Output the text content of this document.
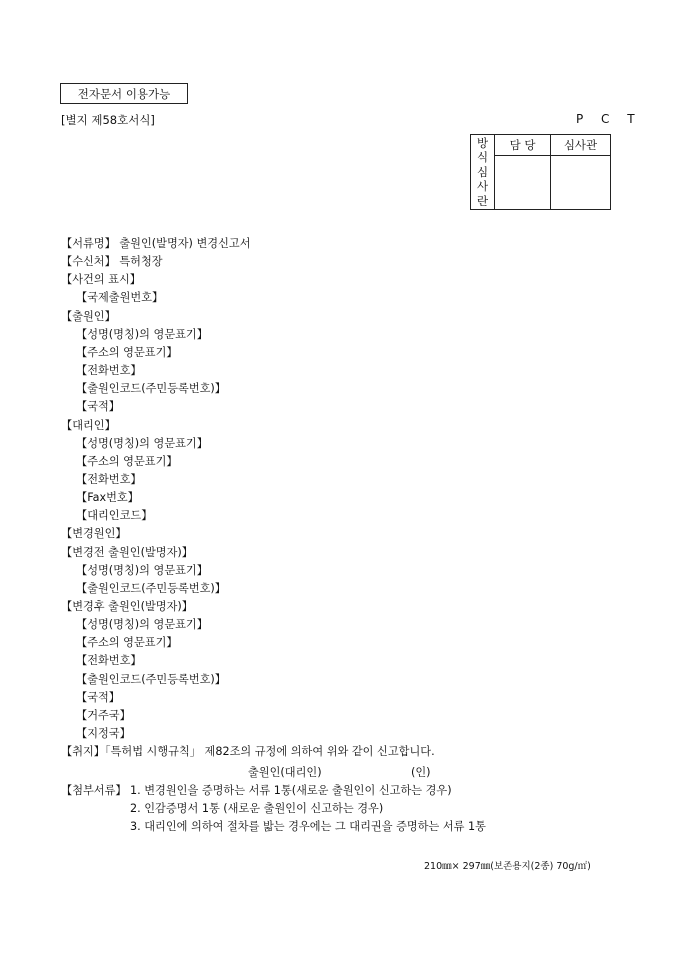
전자문서 이용가능
[별지 제58호서식]	P C T
방
식
심
사
란	담 당	심사관

【서류명】 출원인(발명자) 변경신고서
【수신처】 특허청장
【사건의 표시】
【국제출원번호】
【출원인】
【성명(명칭)의 영문표기】
【주소의 영문표기】
【전화번호】
【출원인코드(주민등록번호)】
【국적】
【대리인】
【성명(명칭)의 영문표기】
【주소의 영문표기】
【전화번호】
【Fax번호】
【대리인코드】
【변경원인】
【변경전 출원인(발명자)】
【성명(명칭)의 영문표기】
【출원인코드(주민등록번호)】
【변경후 출원인(발명자)】
【성명(명칭)의 영문표기】
【주소의 영문표기】
【전화번호】
【출원인코드(주민등록번호)】
【국적】
【거주국】
【지정국】
【취지】「특허법 시행규칙」 제82조의 규정에 의하여 위와 같이 신고합니다.
출원인(대리인)	(인)
【첨부서류】 1. 변경원인을 증명하는 서류 1통(새로운 출원인이 신고하는 경우)
2. 인감증명서 1통 (새로운 출원인이 신고하는 경우)
3. 대리인에 의하여 절차를 밟는 경우에는 그 대리권을 증명하는 서류 1통
210㎜× 297㎜(보존용지(2종) 70g/㎡)
